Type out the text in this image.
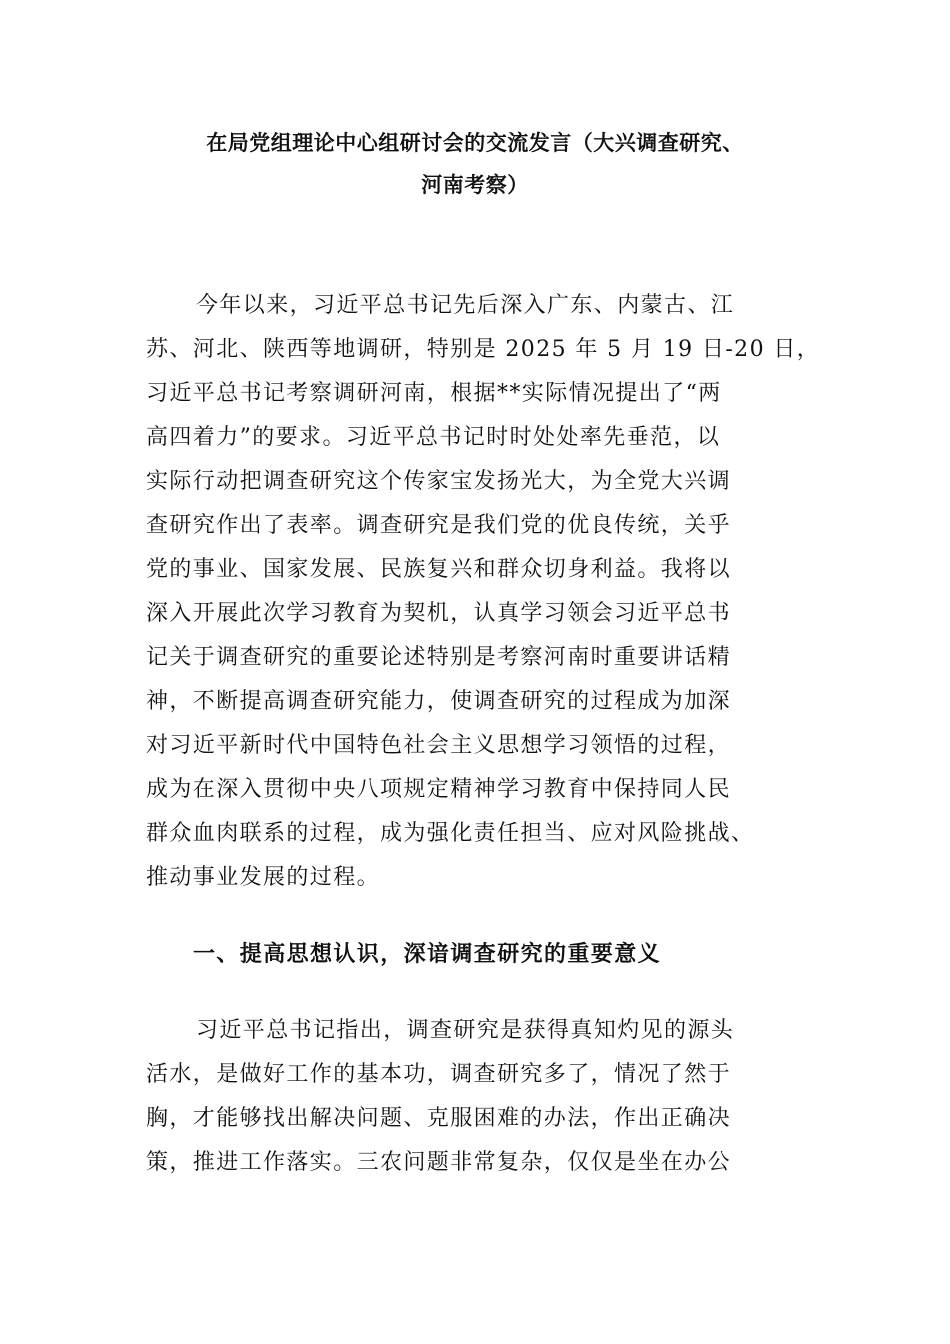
在局党组理论中心组研讨会的交流发言（大兴调查研究、
河南考察）
今年以来，习近平总书记先后深入广东、内蒙古、江
苏、河北、陕西等地调研，特别是 2025 年 5 月 19 日-20 日，
习近平总书记考察调研河南，根据**实际情况提出了“两
高四着力”的要求。习近平总书记时时处处率先垂范，以
实际行动把调查研究这个传家宝发扬光大，为全党大兴调
查研究作出了表率。调查研究是我们党的优良传统，关乎
党的事业、国家发展、民族复兴和群众切身利益。我将以
深入开展此次学习教育为契机，认真学习领会习近平总书
记关于调查研究的重要论述特别是考察河南时重要讲话精
神，不断提高调查研究能力，使调查研究的过程成为加深
对习近平新时代中国特色社会主义思想学习领悟的过程，
成为在深入贯彻中央八项规定精神学习教育中保持同人民
群众血肉联系的过程，成为强化责任担当、应对风险挑战、
推动事业发展的过程。
一、提高思想认识，深谙调查研究的重要意义
习近平总书记指出，调查研究是获得真知灼见的源头
活水，是做好工作的基本功，调查研究多了，情况了然于
胸，才能够找出解决问题、克服困难的办法，作出正确决
策，推进工作落实。三农问题非常复杂，仅仅是坐在办公
